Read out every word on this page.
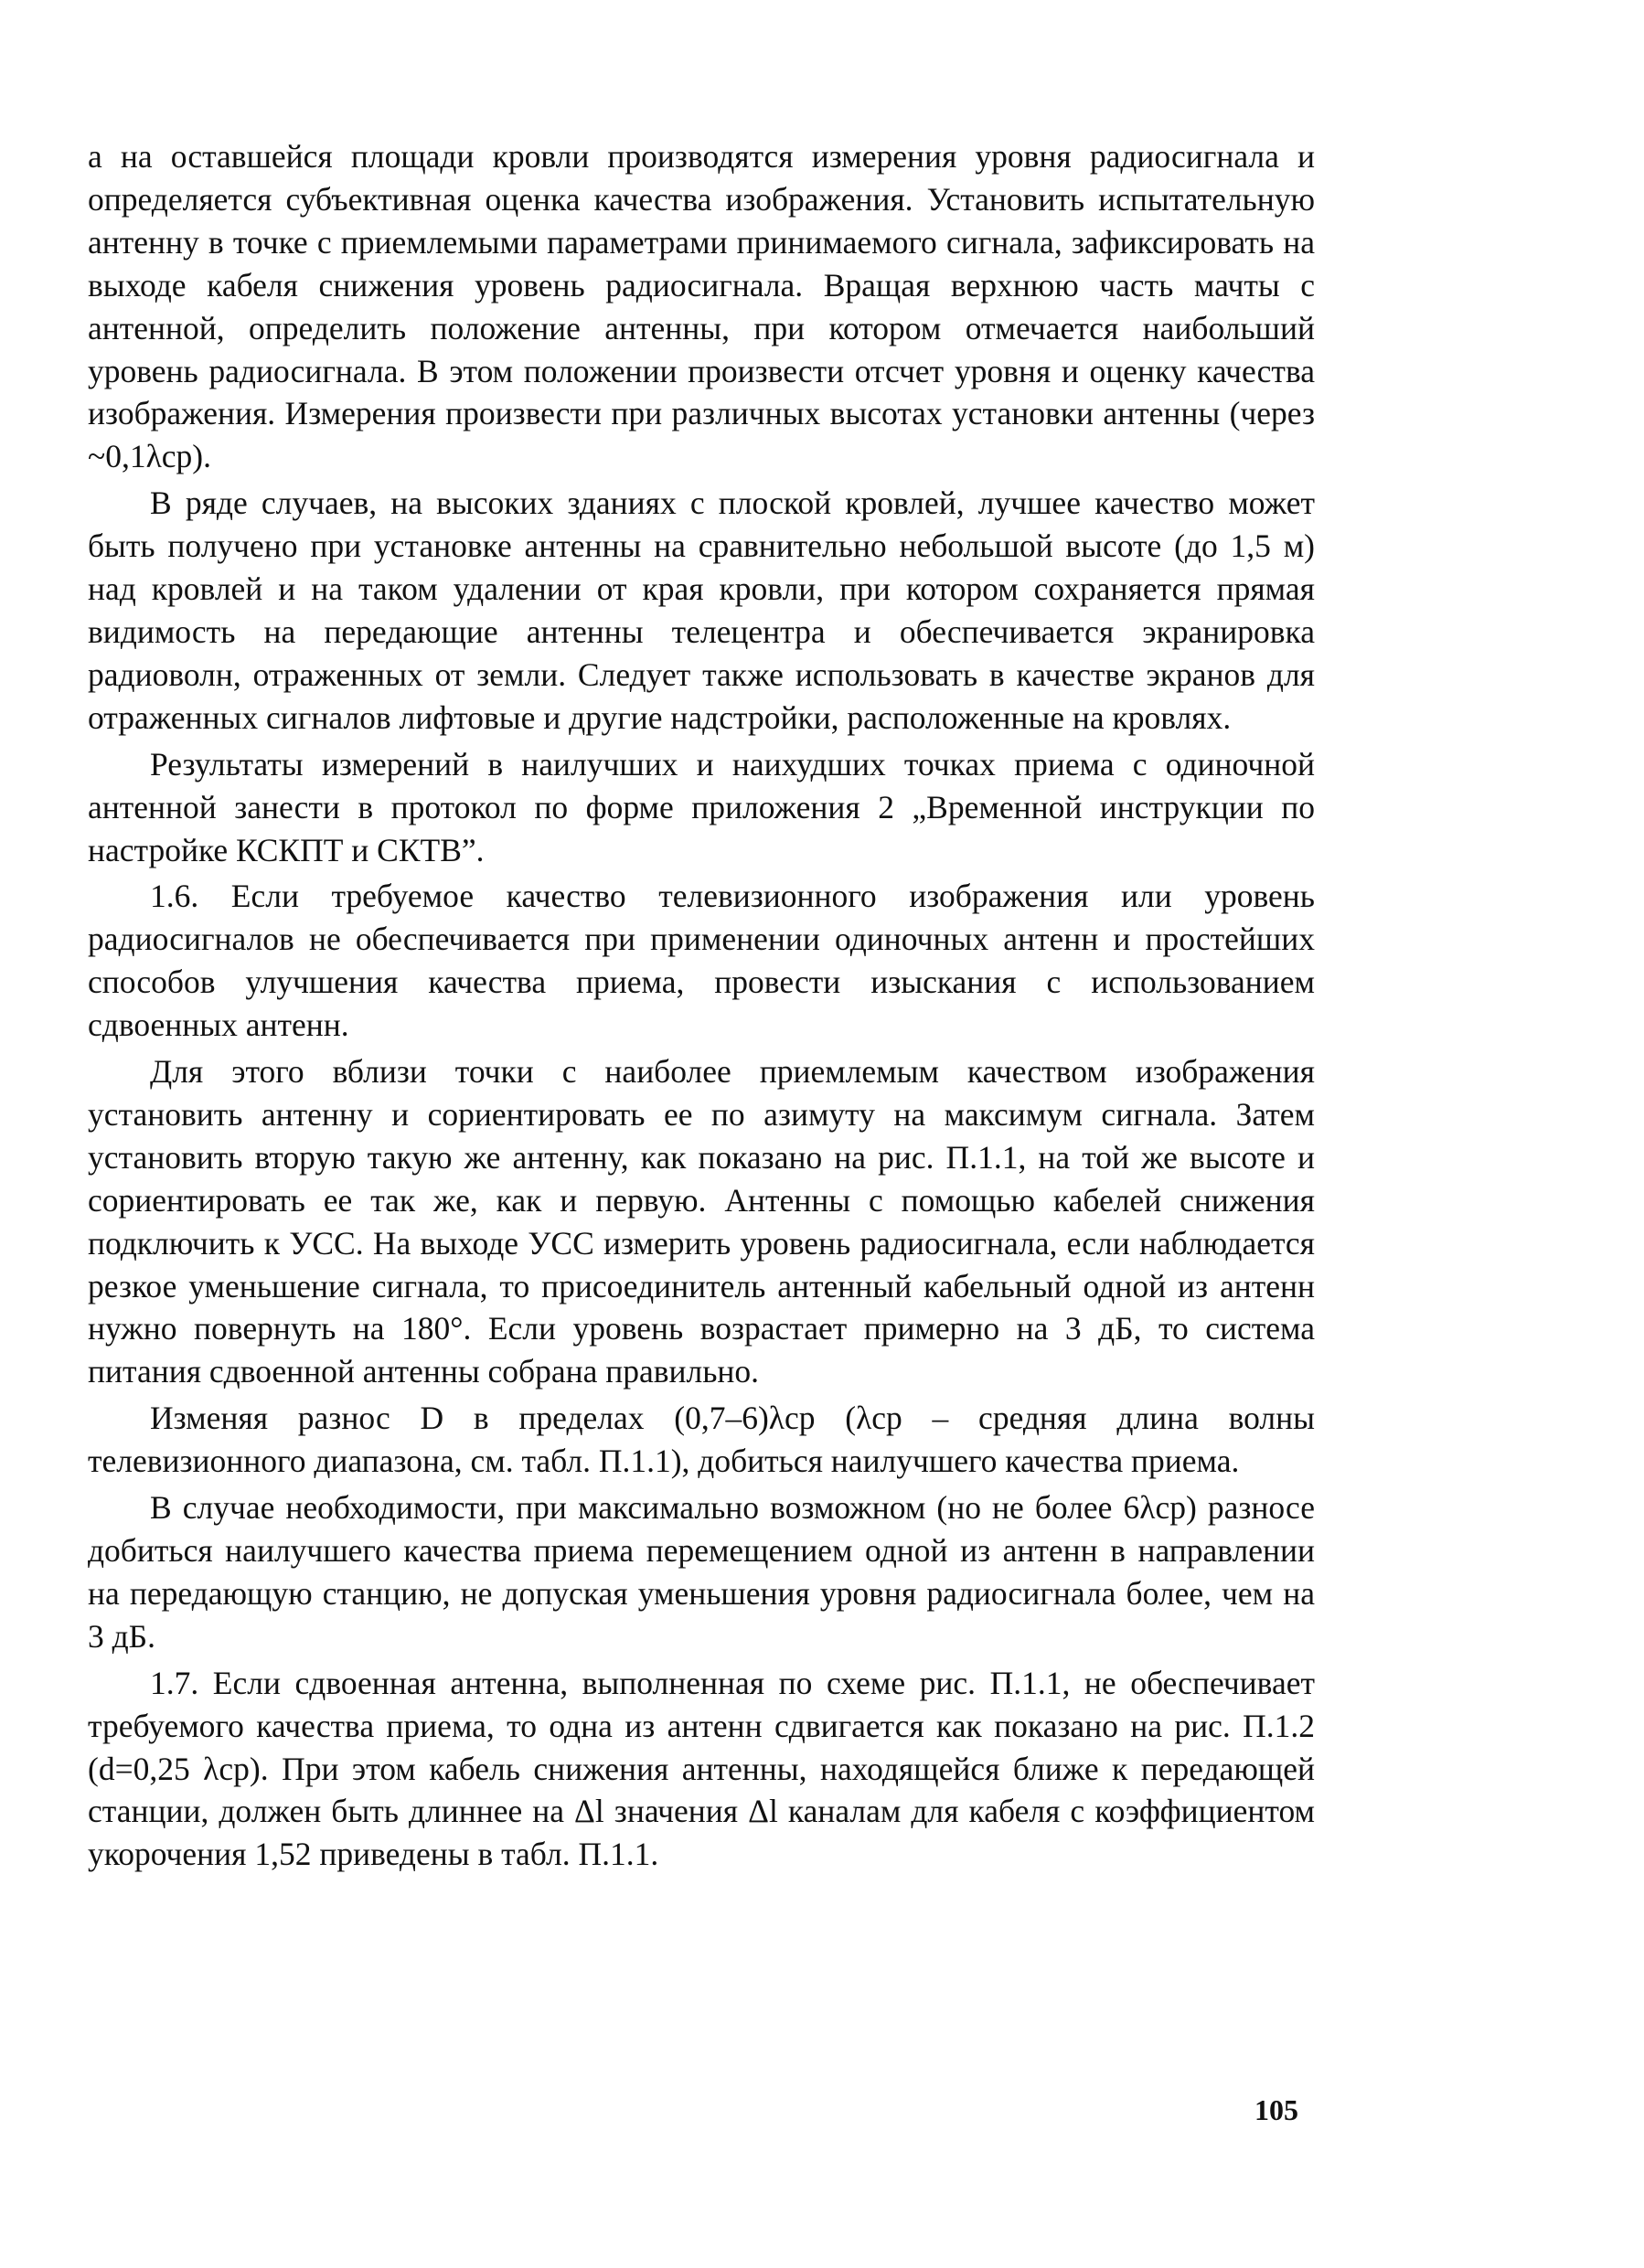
а на оставшейся площади кровли производятся измерения уровня радиосигнала и определяется субъективная оценка качества изображения. Установить испытательную антенну в точке с приемлемыми параметрами принимаемого сигнала, зафиксировать на выходе кабеля снижения уровень радиосигнала. Вращая верхнюю часть мачты с антенной, определить положение антенны, при котором отмечается наибольший уровень радиосигнала. В этом положении произвести отсчет уровня и оценку качества изображения. Измерения произвести при различных высотах установки антенны (через ~0,1λср).

В ряде случаев, на высоких зданиях с плоской кровлей, лучшее качество может быть получено при установке антенны на сравнительно небольшой высоте (до 1,5 м) над кровлей и на таком удалении от края кровли, при котором сохраняется прямая видимость на передающие антенны телецентра и обеспечивается экранировка радиоволн, отраженных от земли. Следует также использовать в качестве экранов для отраженных сигналов лифтовые и другие надстройки, расположенные на кровлях.

Результаты измерений в наилучших и наихудших точках приема с одиночной антенной занести в протокол по форме приложения 2 „Временной инструкции по настройке КСКПТ и СКТВ”.

1.6. Если требуемое качество телевизионного изображения или уровень радиосигналов не обеспечивается при применении одиночных антенн и простейших способов улучшения качества приема, провести изыскания с использованием сдвоенных антенн.

Для этого вблизи точки с наиболее приемлемым качеством изображения установить антенну и сориентировать ее по азимуту на максимум сигнала. Затем установить вторую такую же антенну, как показано на рис. П.1.1, на той же высоте и сориентировать ее так же, как и первую. Антенны с помощью кабелей снижения подключить к УСС. На выходе УСС измерить уровень радиосигнала, если наблюдается резкое уменьшение сигнала, то присоединитель антенный кабельный одной из антенн нужно повернуть на 180°. Если уровень возрастает примерно на 3 дБ, то система питания сдвоенной антенны собрана правильно.

Изменяя разнос D в пределах (0,7–6)λср (λср – средняя длина волны телевизионного диапазона, см. табл. П.1.1), добиться наилучшего качества приема.

В случае необходимости, при максимально возможном (но не более 6λср) разносе добиться наилучшего качества приема перемещением одной из антенн в направлении на передающую станцию, не допуская уменьшения уровня радиосигнала более, чем на 3 дБ.

1.7. Если сдвоенная антенна, выполненная по схеме рис. П.1.1, не обеспечивает требуемого качества приема, то одна из антенн сдвигается как показано на рис. П.1.2 (d=0,25 λср). При этом кабель снижения антенны, находящейся ближе к передающей станции, должен быть длиннее на Δl значения Δl каналам для кабеля с коэффициентом укорочения 1,52 приведены в табл. П.1.1.

105
